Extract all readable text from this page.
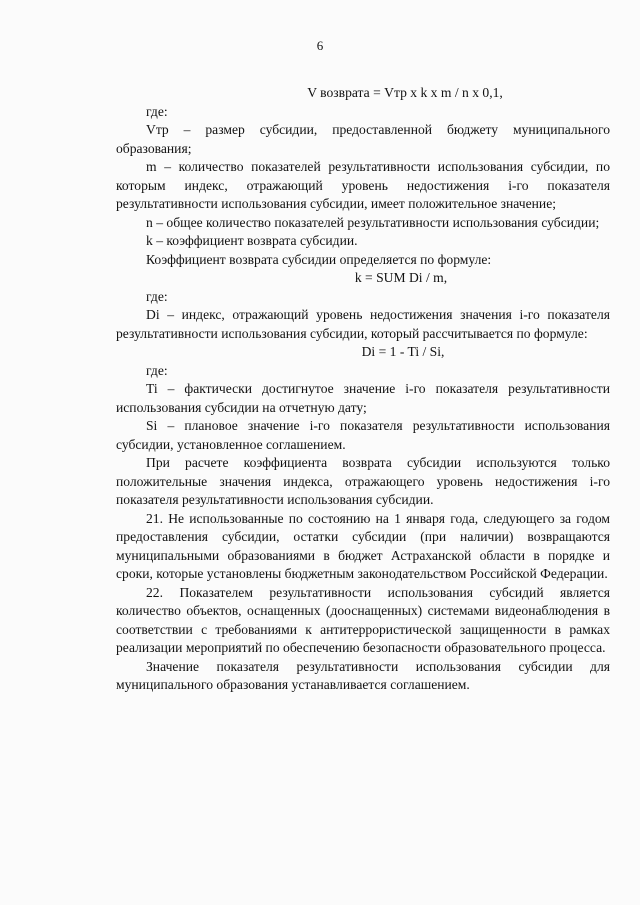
6

V возврата = Vтр x k x m / n x 0,1,

где:

Vтр – размер субсидии, предоставленной бюджету муниципального образования;

m – количество показателей результативности использования субсидии, по которым индекс, отражающий уровень недостижения i-го показателя результативности использования субсидии, имеет положительное значение;

n – общее количество показателей результативности использования субсидии;

k – коэффициент возврата субсидии.

Коэффициент возврата субсидии определяется по формуле:

k = SUM Di / m,

где:

Di – индекс, отражающий уровень недостижения значения i-го показателя результативности использования субсидии, который рассчитывается по формуле:

Di = 1 - Ti / Si,

где:

Ti – фактически достигнутое значение i-го показателя результативности использования субсидии на отчетную дату;

Si – плановое значение i-го показателя результативности использования субсидии, установленное соглашением.

При расчете коэффициента возврата субсидии используются только положительные значения индекса, отражающего уровень недостижения i-го показателя результативности использования субсидии.

21. Не использованные по состоянию на 1 января года, следующего за годом предоставления субсидии, остатки субсидии (при наличии) возвращаются муниципальными образованиями в бюджет Астраханской области в порядке и сроки, которые установлены бюджетным законодательством Российской Федерации.

22. Показателем результативности использования субсидий является количество объектов, оснащенных (дооснащенных) системами видеонаблюдения в соответствии с требованиями к антитеррористической защищенности в рамках реализации мероприятий по обеспечению безопасности образовательного процесса.

Значение показателя результативности использования субсидии для муниципального образования устанавливается соглашением.
